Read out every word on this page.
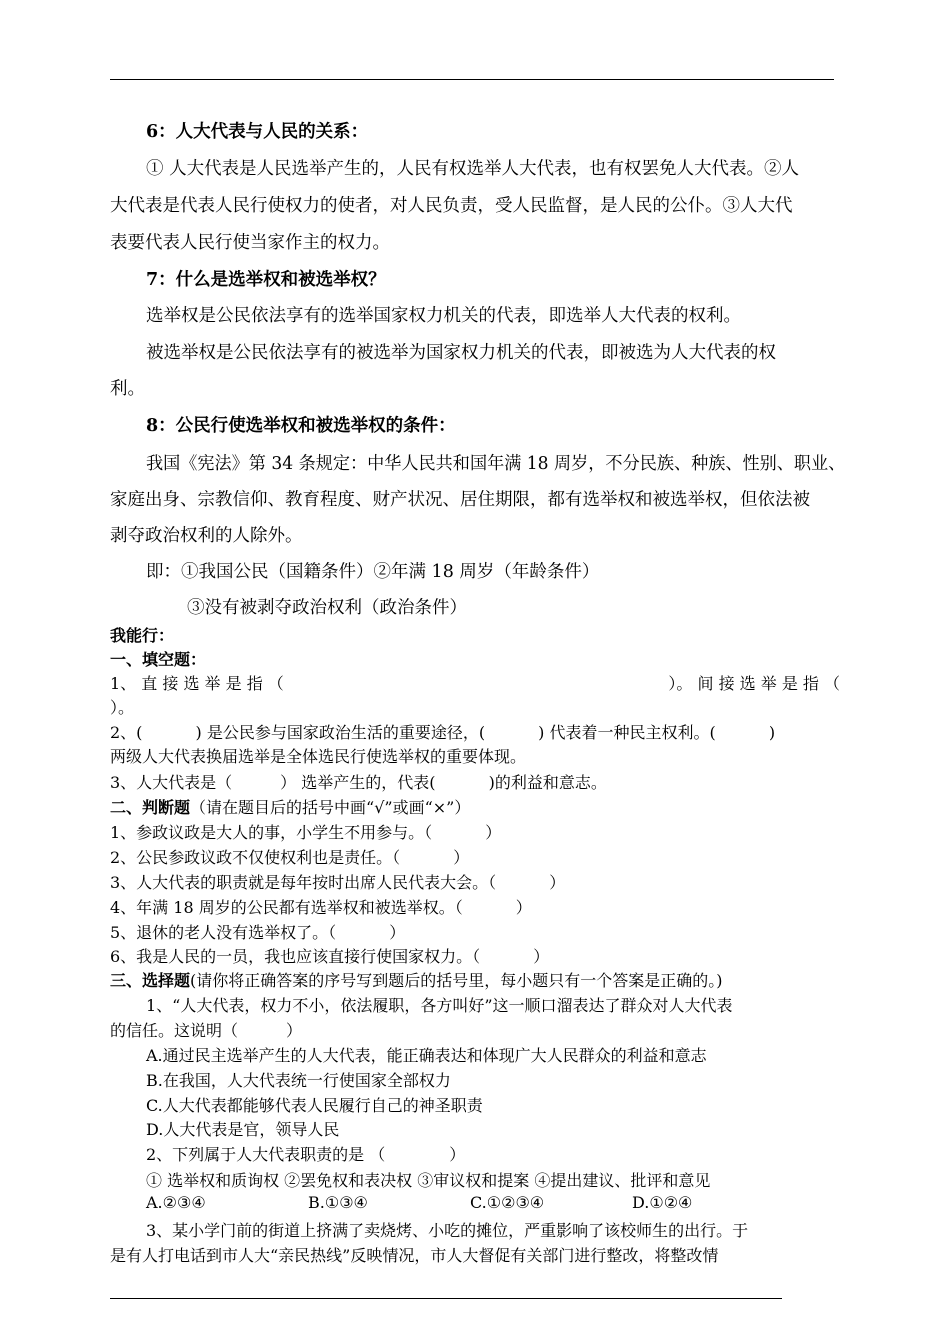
6：人大代表与人民的关系：
① 人大代表是人民选举产生的，人民有权选举人大代表，也有权罢免人大代表。②人
大代表是代表人民行使权力的使者，对人民负责，受人民监督，是人民的公仆。③人大代
表要代表人民行使当家作主的权力。
7：什么是选举权和被选举权？
选举权是公民依法享有的选举国家权力机关的代表，即选举人大代表的权利。
被选举权是公民依法享有的被选举为国家权力机关的代表，即被选为人大代表的权
利。
8：公民行使选举权和被选举权的条件：
我国《宪法》第 34 条规定：中华人民共和国年满 18 周岁，不分民族、种族、性别、职业、
家庭出身、宗教信仰、教育程度、财产状况、居住期限，都有选举权和被选举权，但依法被
剥夺政治权利的人除外。
即：①我国公民（国籍条件）②年满 18 周岁（年龄条件）
③没有被剥夺政治权利（政治条件）
我能行：
一、填空题：
1、 直 接 选 举 是 指 （	）。 间 接 选 举 是 指 （
）。
2、(　　 　) 是公民参与国家政治生活的重要途径，(　　 　) 代表着一种民主权利。(　　 　)
两级人大代表换届选举是全体选民行使选举权的重要体现。
3、人大代表是（　　　） 选举产生的，代表(　　　 )的利益和意志。
二、判断题（请在题目后的括号中画“√”或画“×”）
1、参政议政是大人的事，小学生不用参与。（　　　 ）
2、公民参政议政不仅使权利也是责任。（　　　 ）
3、人大代表的职责就是每年按时出席人民代表大会。（　　　 ）
4、年满 18 周岁的公民都有选举权和被选举权。（　　　 ）
5、退休的老人没有选举权了。（　　　 ）
6、我是人民的一员，我也应该直接行使国家权力。（　　　 ）
三、选择题(请你将正确答案的序号写到题后的括号里，每小题只有一个答案是正确的。)
1、“人大代表，权力不小，依法履职，各方叫好”这一顺口溜表达了群众对人大代表
的信任。这说明（　　　）
A.通过民主选举产生的人大代表，能正确表达和体现广大人民群众的利益和意志
B.在我国，人大代表统一行使国家全部权力
C.人大代表都能够代表人民履行自己的神圣职责
D.人大代表是官，领导人民
2、下列属于人大代表职责的是 （　　　　）
① 选举权和质询权 ②罢免权和表决权 ③审议权和提案 ④提出建议、批评和意见
A.②③④	B.①③④	C.①②③④	D.①②④
3、某小学门前的街道上挤满了卖烧烤、小吃的摊位，严重影响了该校师生的出行。于
是有人打电话到市人大“亲民热线”反映情况，市人大督促有关部门进行整改，将整改情
